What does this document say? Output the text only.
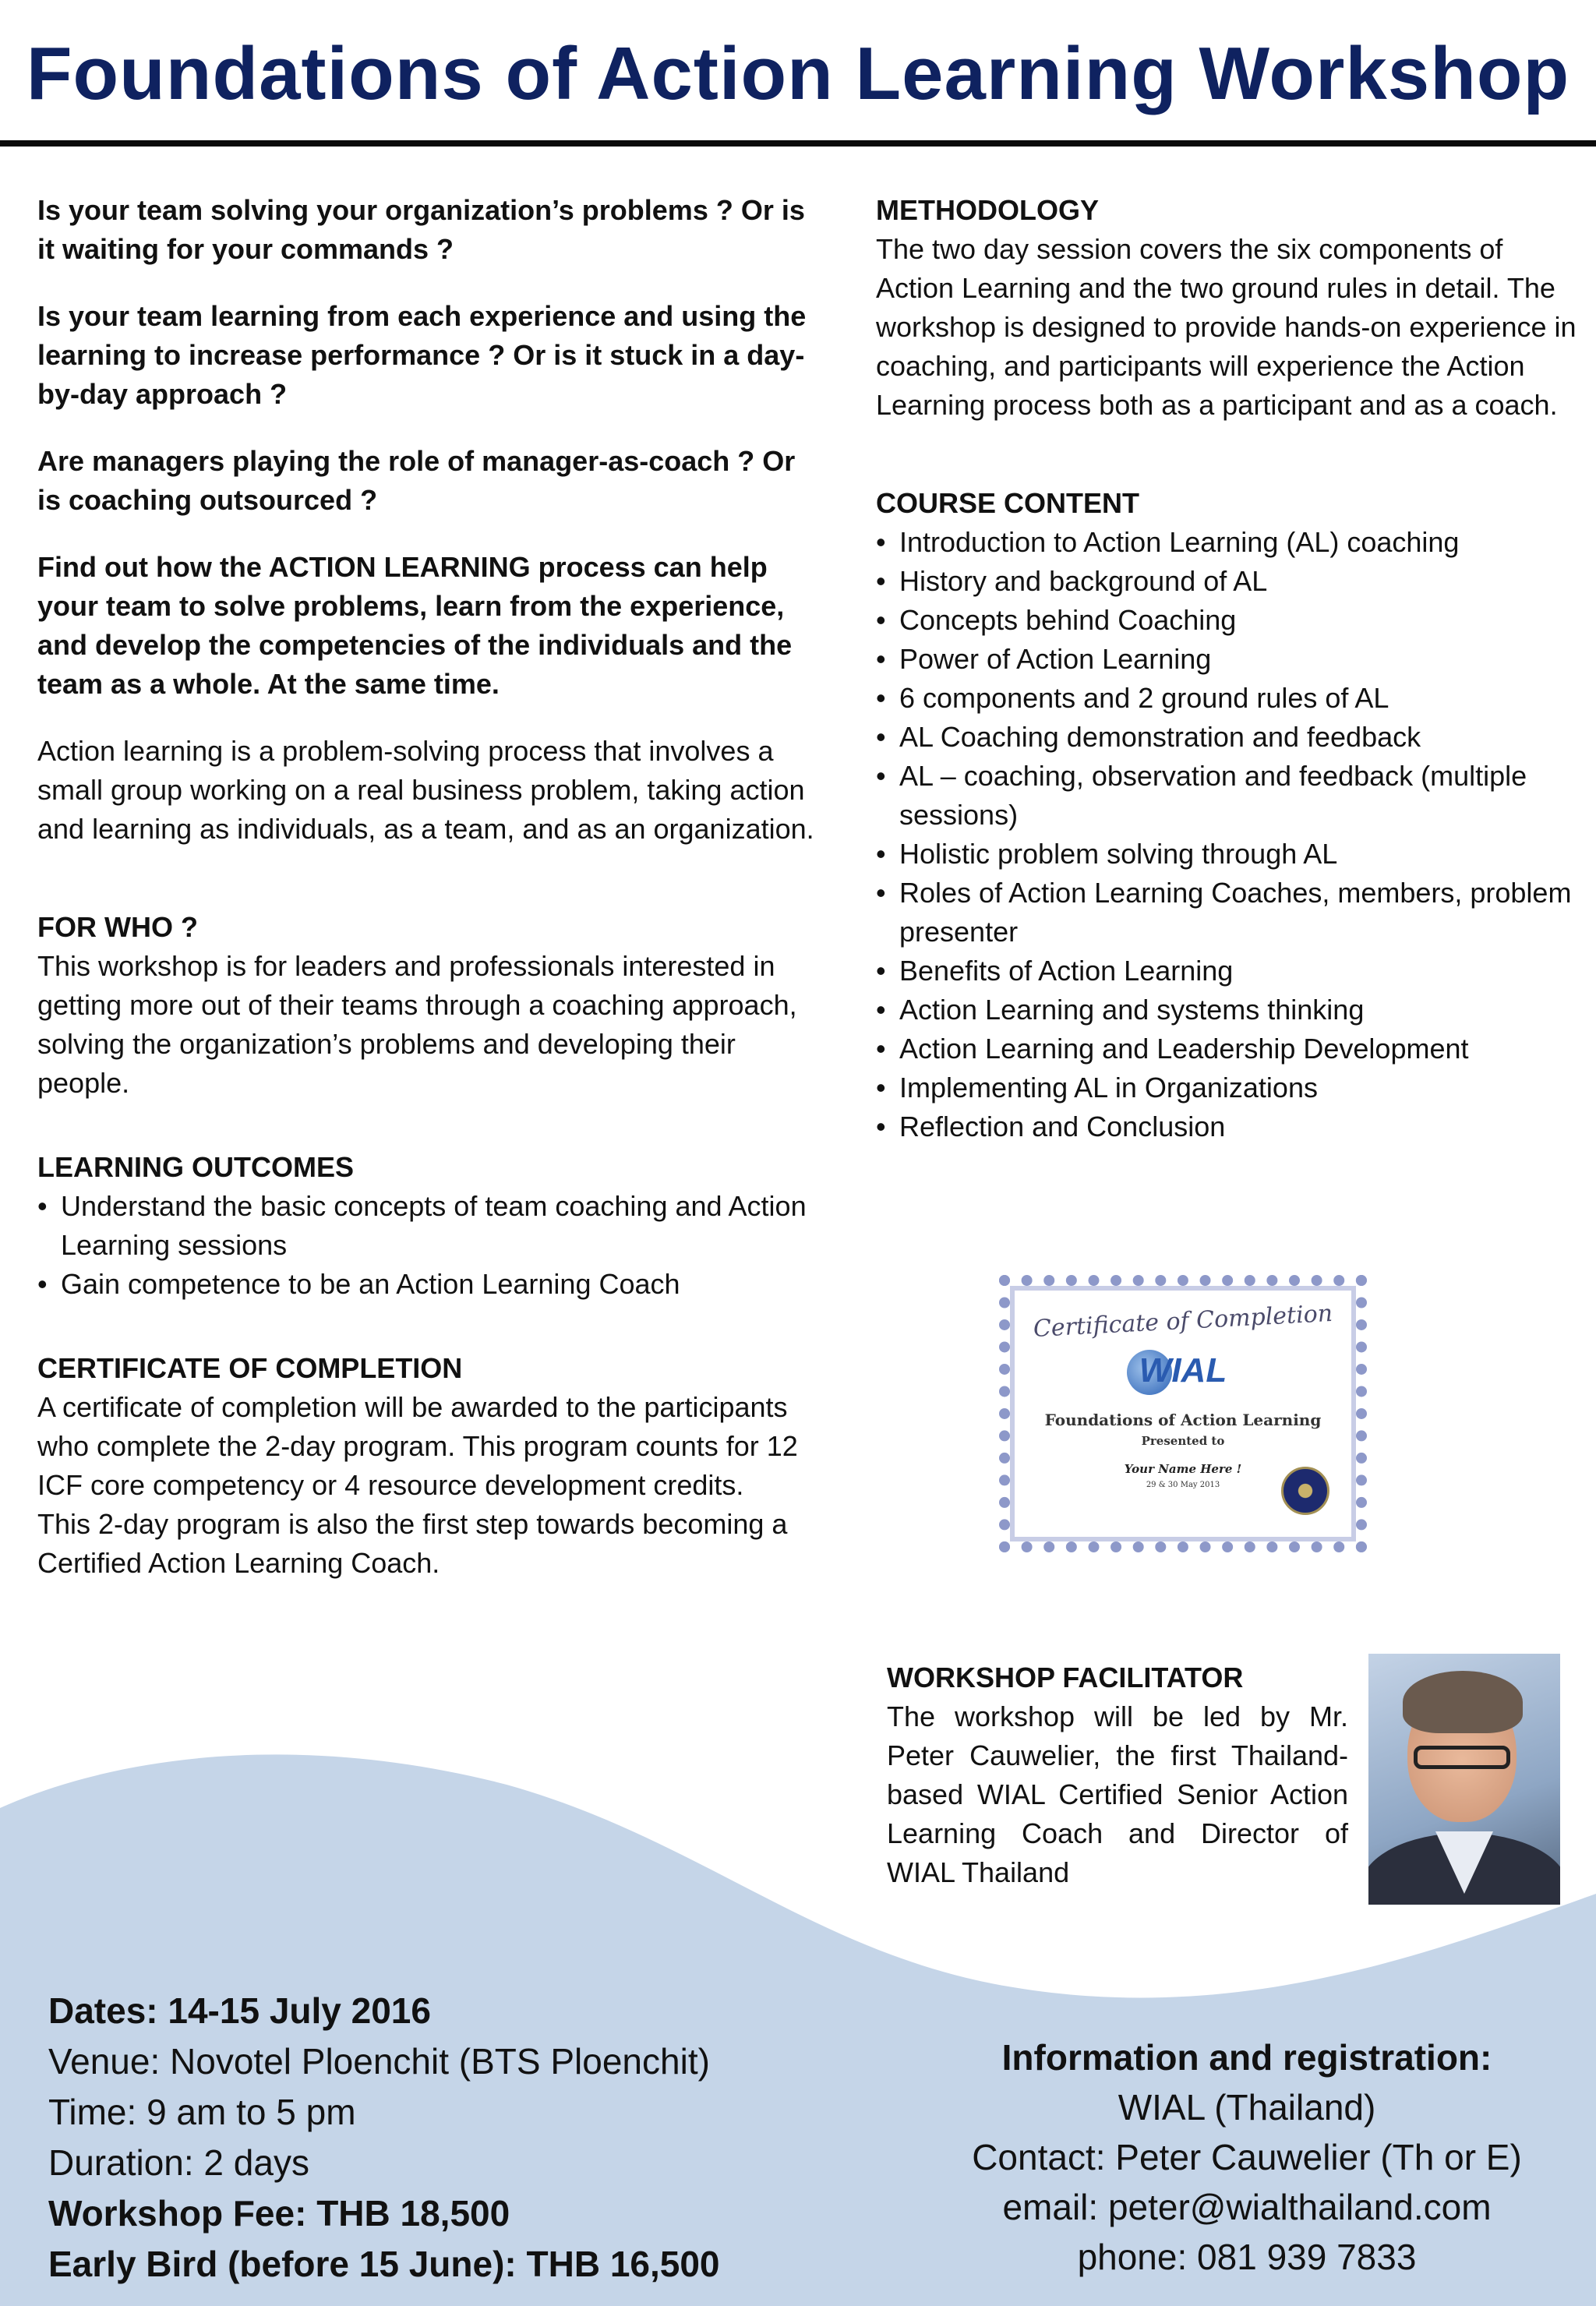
Foundations of Action Learning Workshop

Is your team solving your organization’s problems ? Or is it waiting for your commands ?

Is your team learning from each experience and using the learning to increase performance ? Or is it stuck in a day-by-day approach ?

Are managers playing the role of manager-as-coach ? Or is coaching outsourced ?

Find out how the ACTION LEARNING process can help your team to solve problems, learn from the experience, and develop the competencies of the individuals and the team as a whole. At the same time.

Action learning is a problem-solving process that involves a small group working on a real business problem, taking action and learning as individuals, as a team, and as an organization.

FOR WHO ?

This workshop is for leaders and professionals interested in getting more out of their teams through a coaching approach, solving the organization’s problems and developing their people.

LEARNING OUTCOMES

• Understand the basic concepts of team coaching and Action Learning sessions
• Gain competence to be an Action Learning Coach

CERTIFICATE OF COMPLETION

A certificate of completion will be awarded to the participants who complete the 2-day program. This program counts for 12 ICF core competency or 4 resource development credits.

This 2-day program is also the first step towards becoming a Certified Action Learning Coach.

METHODOLOGY

The two day session covers the six components of Action Learning and the two ground rules in detail. The workshop is designed to provide hands-on experience in coaching, and participants will experience the Action Learning process both as a participant and as a coach.

COURSE CONTENT

• Introduction to Action Learning (AL) coaching
• History and background of AL
• Concepts behind Coaching
• Power of Action Learning
• 6 components and 2 ground rules of AL
• AL Coaching demonstration and feedback
• AL – coaching, observation and feedback (multiple sessions)
• Holistic problem solving through AL
• Roles of Action Learning Coaches, members, problem presenter
• Benefits of Action Learning
• Action Learning and systems thinking
• Action Learning and Leadership Development
• Implementing AL in Organizations
• Reflection and Conclusion
Certificate of Completion
WIAL
Foundations of Action Learning
Presented to
Your Name Here !
29 & 30 May 2013

WORKSHOP FACILITATOR

The workshop will be led by Mr. Peter Cauwelier, the first Thailand-based WIAL Certified Senior Action Learning Coach and Director of WIAL Thailand

Dates: 14-15 July 2016
Venue: Novotel Ploenchit (BTS Ploenchit)
Time: 9 am to 5 pm
Duration: 2 days
Workshop Fee: THB 18,500
Early Bird (before 15 June): THB 16,500
Information and registration:
WIAL (Thailand)
Contact: Peter Cauwelier (Th or E)
email: peter@wialthailand.com
phone: 081 939 7833
